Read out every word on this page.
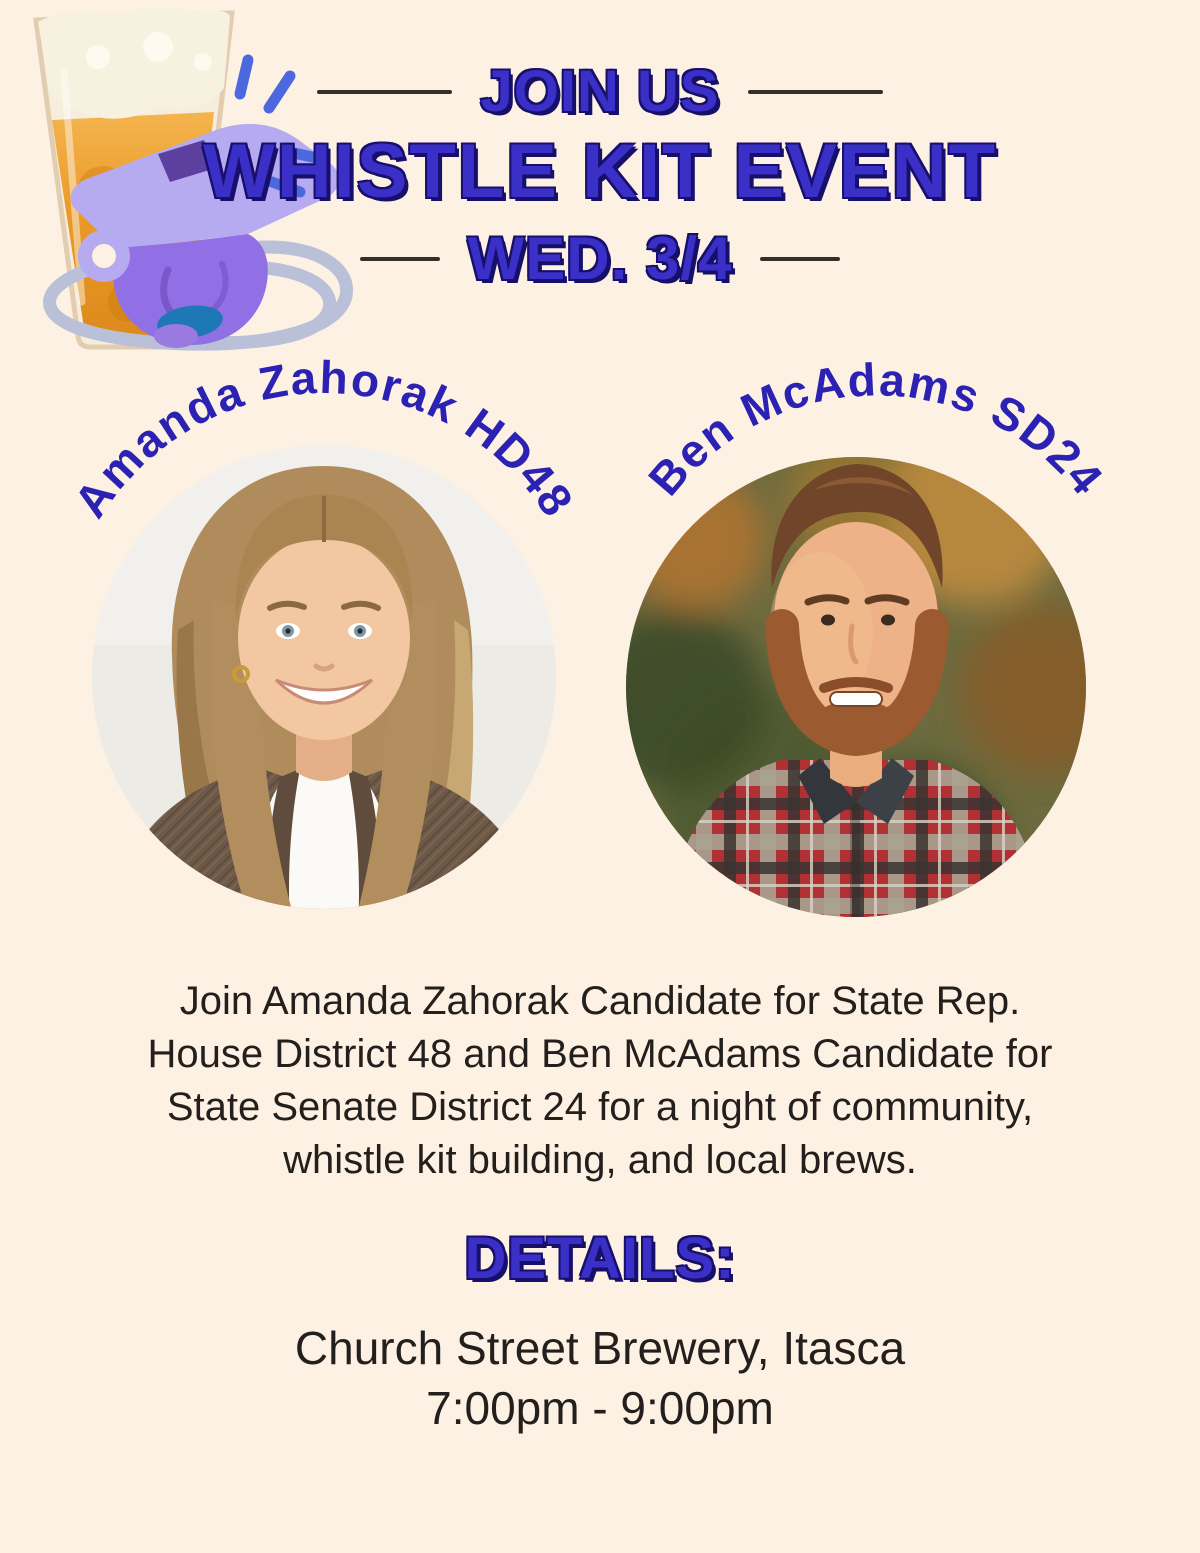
JOIN US
WHISTLE KIT EVENT
WED. 3/4
Amanda Zahorak HD48 Ben McAdams SD24
Join Amanda Zahorak Candidate for State Rep.
House District 48 and Ben McAdams Candidate for
State Senate District 24 for a night of community,
whistle kit building, and local brews.
DETAILS:
Church Street Brewery, Itasca
7:00pm - 9:00pm
